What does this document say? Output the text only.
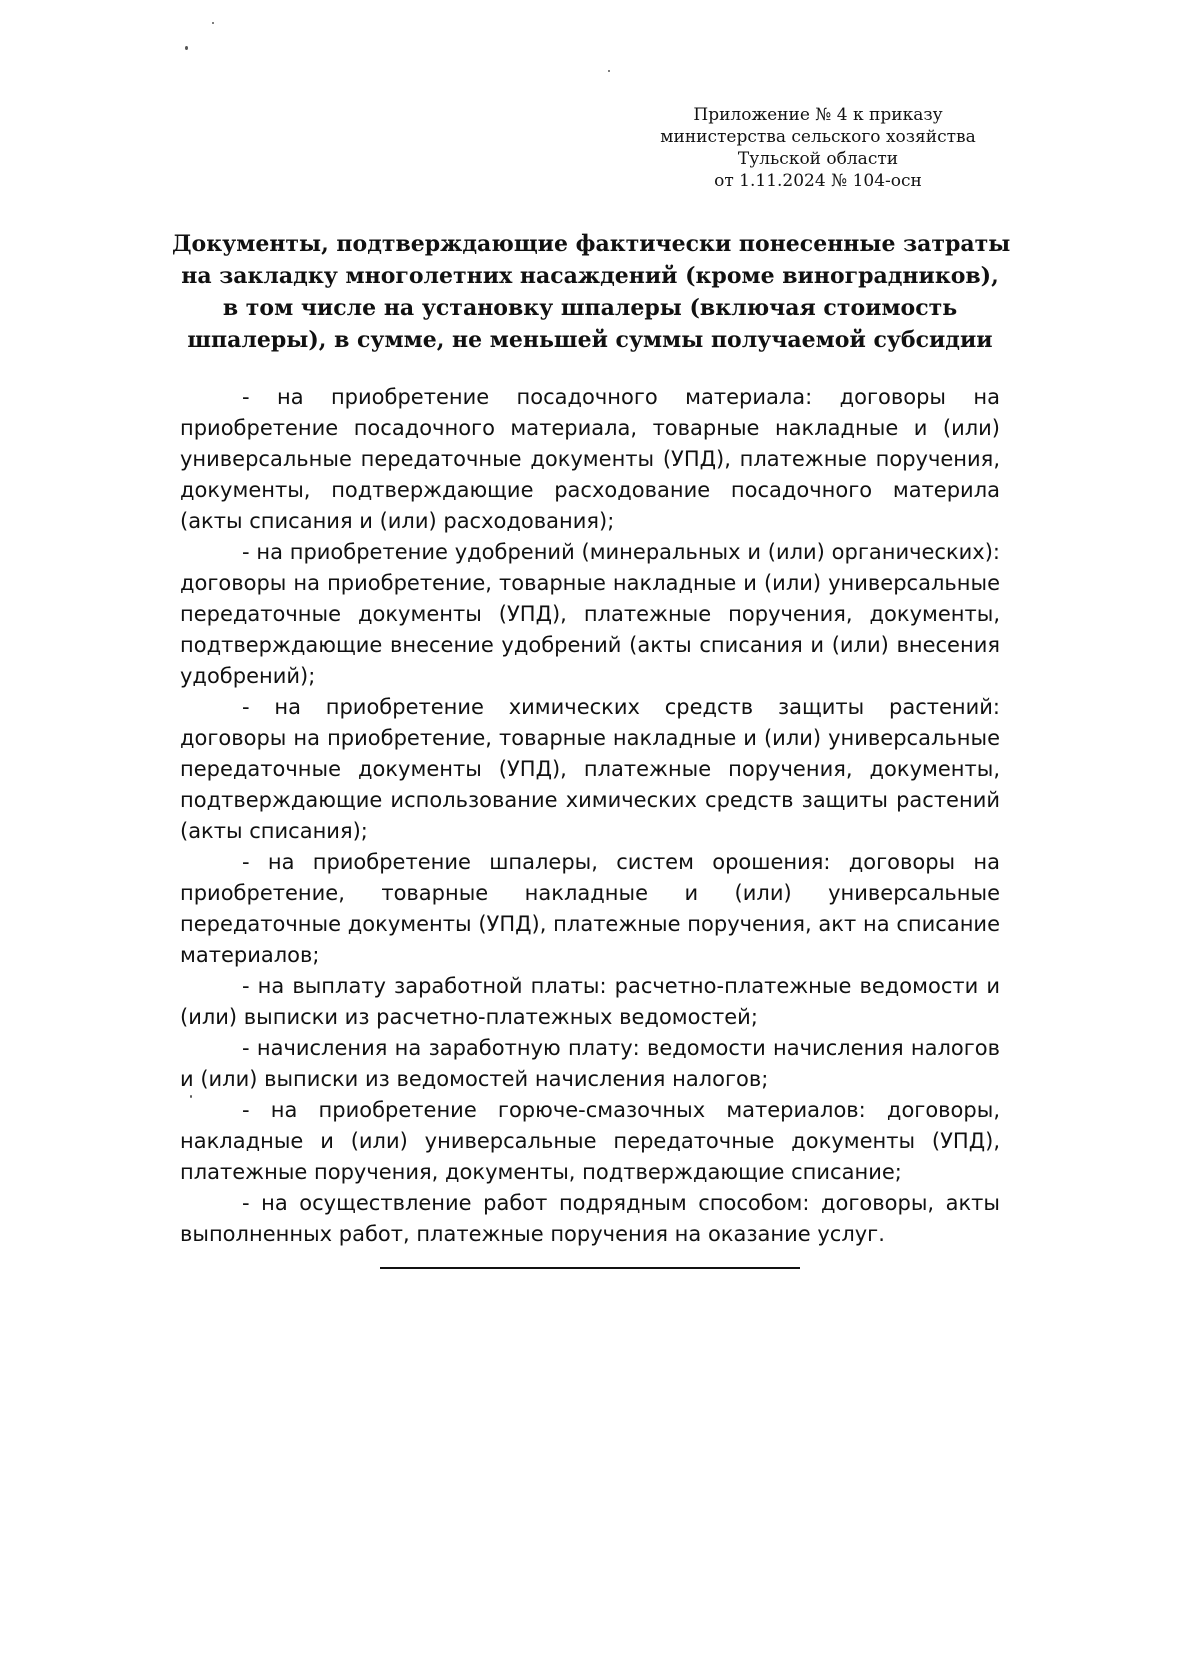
Приложение № 4 к приказу
министерства сельского хозяйства
Тульской области
от 1.11.2024 № 104-осн
Документы, подтверждающие фактически понесенные затраты
на закладку многолетних насаждений (кроме виноградников),
в том числе на установку шпалеры (включая стоимость
шпалеры), в сумме, не меньшей суммы получаемой субсидии

- на приобретение посадочного материала: договоры на приобретение посадочного материала, товарные накладные и (или) универсальные передаточные документы (УПД), платежные поручения, документы, подтверждающие расходование посадочного материла (акты списания и (или) расходования);

- на приобретение удобрений (минеральных и (или) органических): договоры на приобретение, товарные накладные и (или) универсальные передаточные документы (УПД), платежные поручения, документы, подтверждающие внесение удобрений (акты списания и (или) внесения удобрений);

- на приобретение химических средств защиты растений: договоры на приобретение, товарные накладные и (или) универсальные передаточные документы (УПД), платежные поручения, документы, подтверждающие использование химических средств защиты растений (акты списания);

- на приобретение шпалеры, систем орошения: договоры на приобретение, товарные накладные и (или) универсальные передаточные документы (УПД), платежные поручения, акт на списание материалов;

- на выплату заработной платы: расчетно-платежные ведомости и (или) выписки из расчетно-платежных ведомостей;

- начисления на заработную плату: ведомости начисления налогов и (или) выписки из ведомостей начисления налогов;

- на приобретение горюче-смазочных материалов: договоры, накладные и (или) универсальные передаточные документы (УПД), платежные поручения, документы, подтверждающие списание;

- на осуществление работ подрядным способом: договоры, акты выполненных работ, платежные поручения на оказание услуг.
